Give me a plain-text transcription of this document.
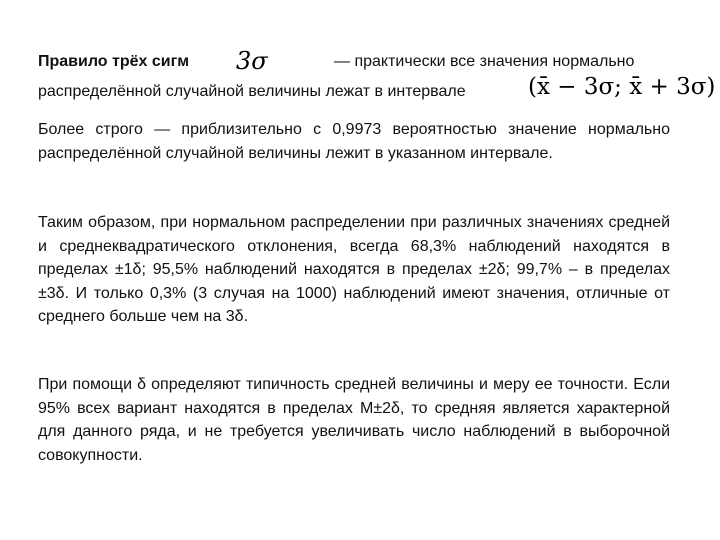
Правило трёх сигм 3σ	— практически все значения нормально
распределённой случайной величины лежат в интервале	(x̄ − 3σ; x̄ + 3σ)
Более строго — приблизительно с 0,9973 вероятностью значение нормально распределённой случайной величины лежит в указанном интервале.
Таким образом, при нормальном распределении при различных значениях средней и среднеквадратического отклонения, всегда 68,3% наблюдений находятся в пределах ±1δ; 95,5% наблюдений находятся в пределах ±2δ; 99,7% – в пределах ±3δ. И только 0,3% (3 случая на 1000) наблюдений имеют значения, отличные от среднего больше чем на 3δ.
При помощи δ определяют типичность средней величины и меру ее точности. Если 95% всех вариант находятся в пределах M±2δ, то средняя является характерной для данного ряда, и не требуется увеличивать число наблюдений в выборочной совокупности.
